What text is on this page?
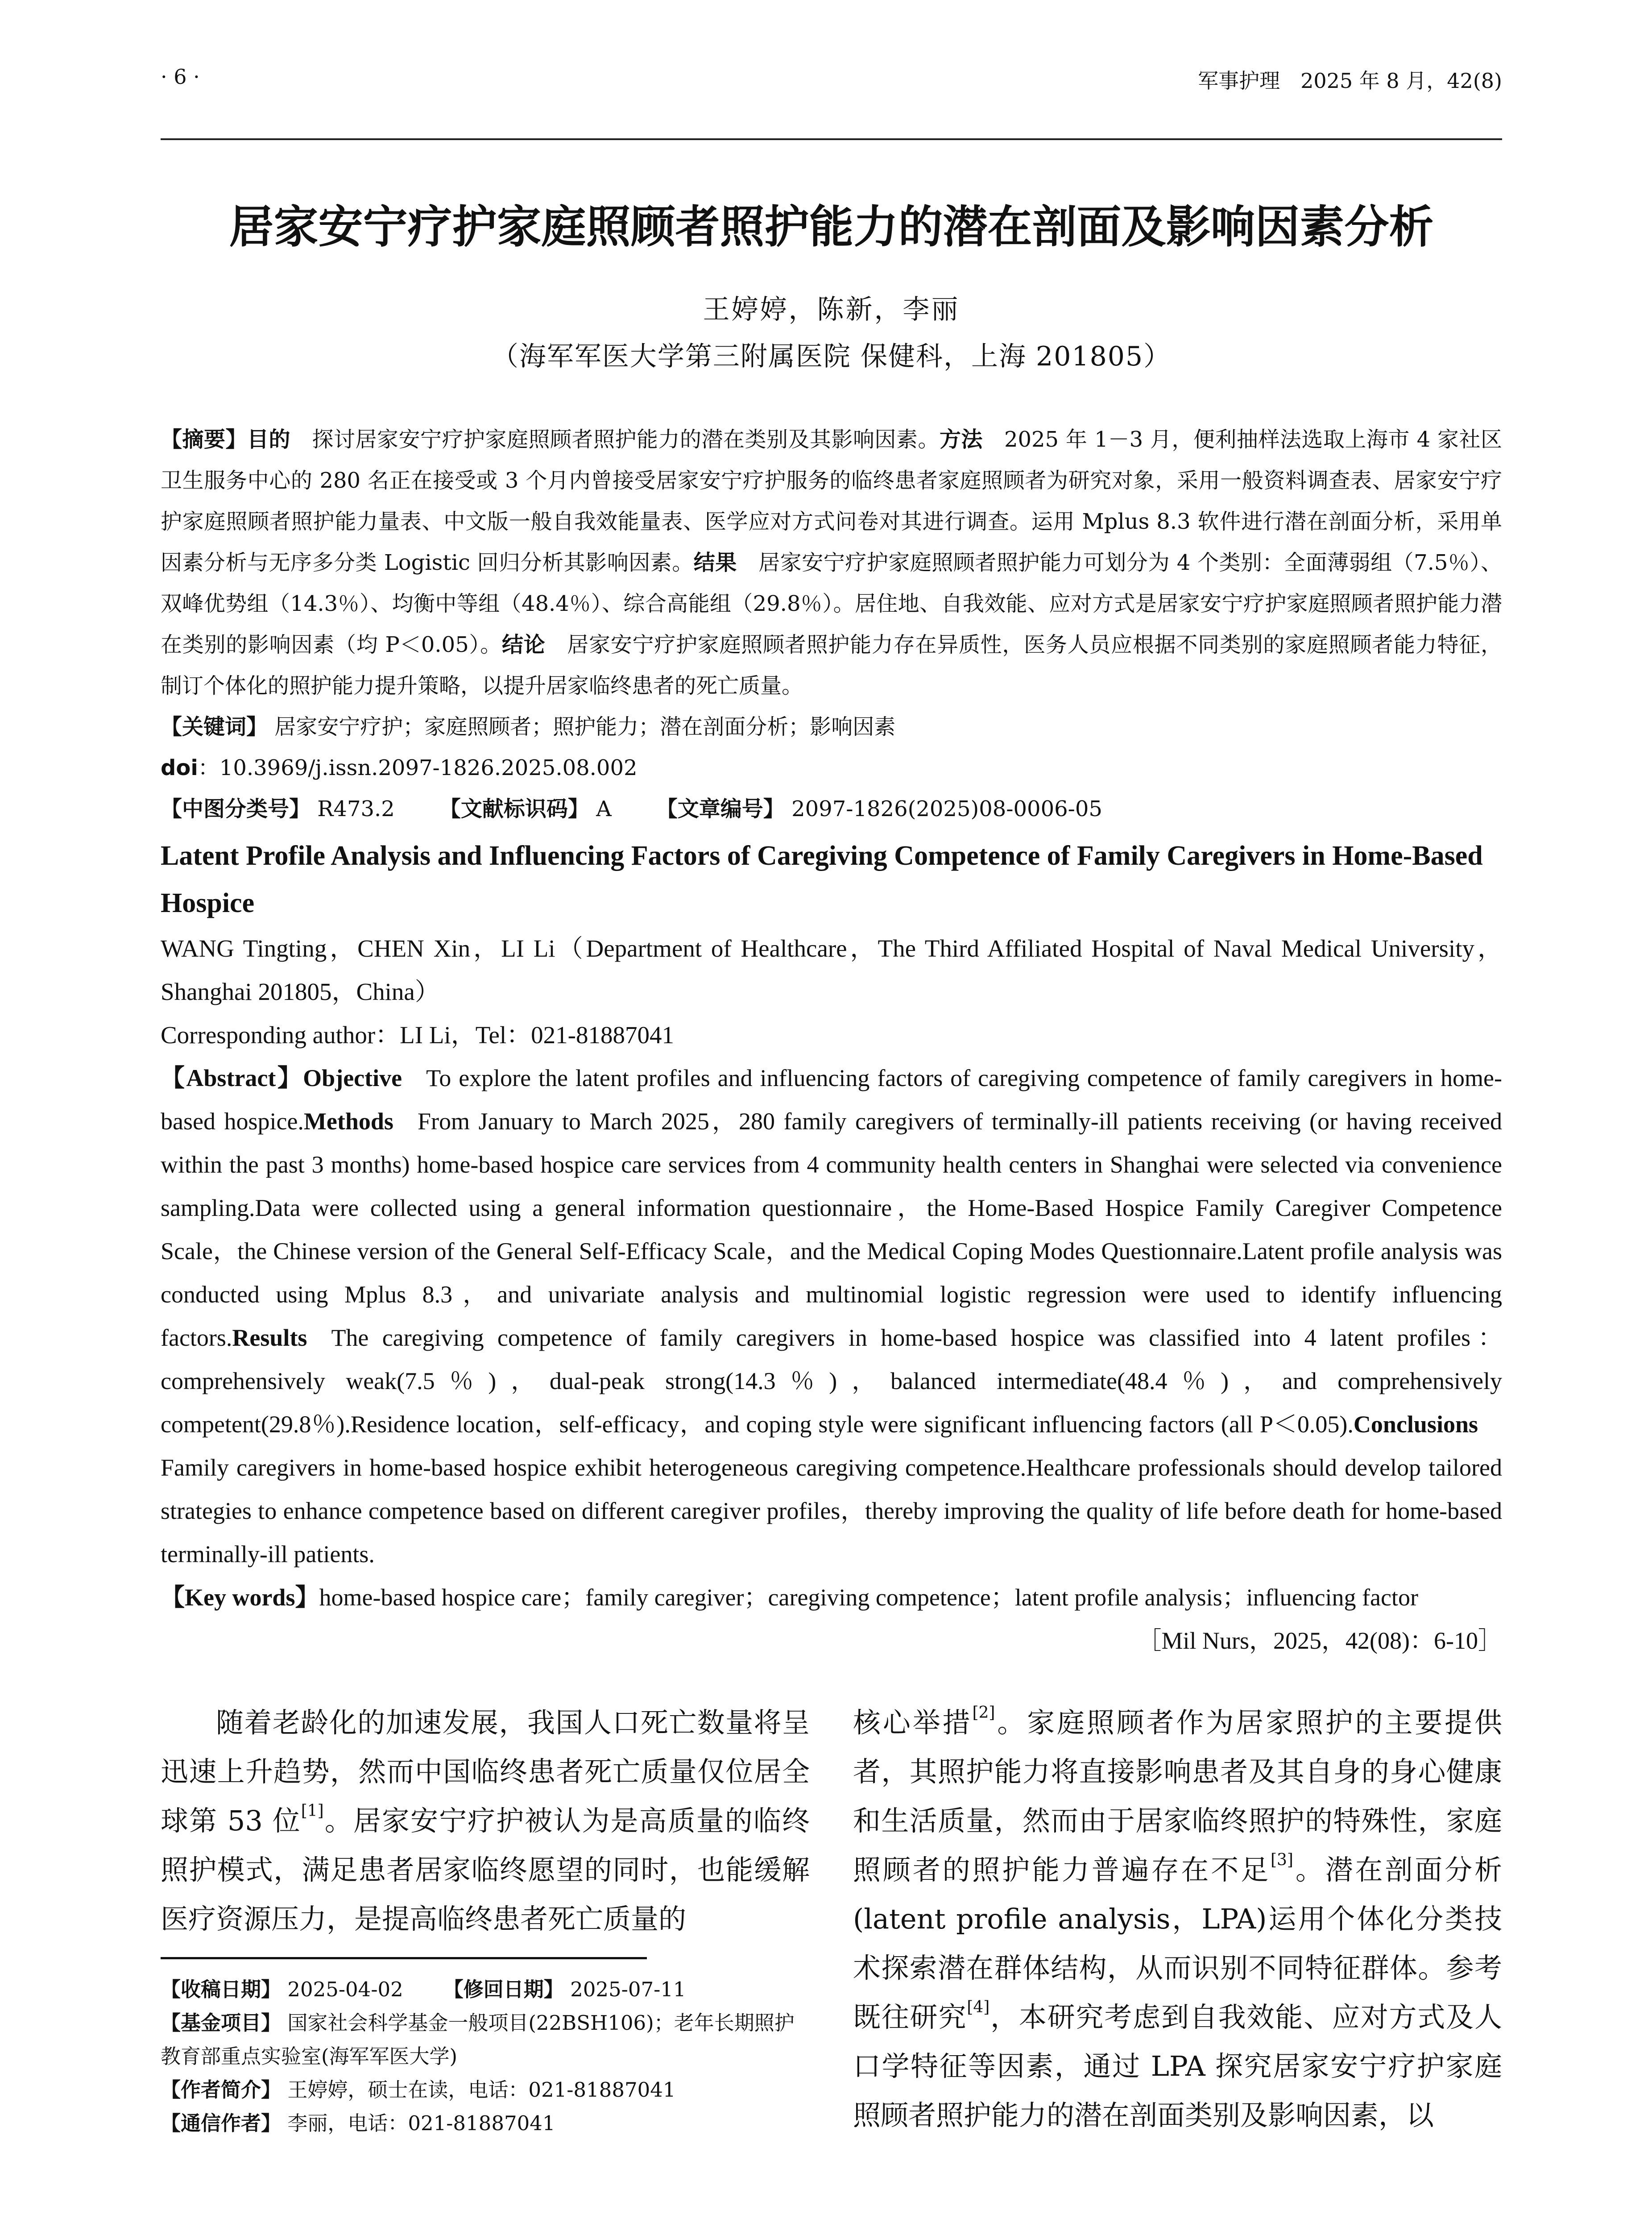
· 6 ·	军事护理　2025 年 8 月，42(8)
居家安宁疗护家庭照顾者照护能力的潜在剖面及影响因素分析
王婷婷，陈新，李丽
（海军军医大学第三附属医院 保健科，上海 201805）
【摘要】目的  探讨居家安宁疗护家庭照顾者照护能力的潜在类别及其影响因素。方法  2025 年 1－3 月，便利抽样法选取上海市 4 家社区卫生服务中心的 280 名正在接受或 3 个月内曾接受居家安宁疗护服务的临终患者家庭照顾者为研究对象，采用一般资料调查表、居家安宁疗护家庭照顾者照护能力量表、中文版一般自我效能量表、医学应对方式问卷对其进行调查。运用 Mplus 8.3 软件进行潜在剖面分析，采用单因素分析与无序多分类 Logistic 回归分析其影响因素。结果  居家安宁疗护家庭照顾者照护能力可划分为 4 个类别：全面薄弱组（7.5％）、双峰优势组（14.3％）、均衡中等组（48.4％）、综合高能组（29.8％）。居住地、自我效能、应对方式是居家安宁疗护家庭照顾者照护能力潜在类别的影响因素（均 P＜0.05）。结论  居家安宁疗护家庭照顾者照护能力存在异质性，医务人员应根据不同类别的家庭照顾者能力特征，制订个体化的照护能力提升策略，以提升居家临终患者的死亡质量。
【关键词】 居家安宁疗护；家庭照顾者；照护能力；潜在剖面分析；影响因素
doi：10.3969/j.issn.2097-1826.2025.08.002
【中图分类号】 R473.2 【文献标识码】 A 【文章编号】 2097-1826(2025)08-0006-05
Latent Profile Analysis and Influencing Factors of Caregiving Competence of Family Caregivers in Home-Based Hospice
WANG Tingting，CHEN Xin，LI Li（Department of Healthcare，The Third Affiliated Hospital of Naval Medical University，Shanghai 201805，China）
Corresponding author：LI Li，Tel：021-81887041
【Abstract】Objective  To explore the latent profiles and influencing factors of caregiving competence of family caregivers in home-based hospice.Methods  From January to March 2025，280 family caregivers of terminally-ill patients receiving (or having received within the past 3 months) home-based hospice care services from 4 community health centers in Shanghai were selected via convenience sampling.Data were collected using a general information questionnaire，the Home-Based Hospice Family Caregiver Competence Scale，the Chinese version of the General Self-Efficacy Scale，and the Medical Coping Modes Questionnaire.Latent profile analysis was conducted using Mplus 8.3，and univariate analysis and multinomial logistic regression were used to identify influencing factors.Results  The caregiving competence of family caregivers in home-based hospice was classified into 4 latent profiles：comprehensively weak(7.5％)，dual-peak strong(14.3％)，balanced intermediate(48.4％)，and comprehensively competent(29.8％).Residence location，self-efficacy，and coping style were significant influencing factors (all P＜0.05).Conclusions Family caregivers in home-based hospice exhibit heterogeneous caregiving competence.Healthcare professionals should develop tailored strategies to enhance competence based on different caregiver profiles，thereby improving the quality of life before death for home-based terminally-ill patients.
【Key words】home-based hospice care；family caregiver；caregiving competence；latent profile analysis；influencing factor
［Mil Nurs，2025，42(08)：6-10］
随着老龄化的加速发展，我国人口死亡数量将呈迅速上升趋势，然而中国临终患者死亡质量仅位居全球第 53 位[1]。居家安宁疗护被认为是高质量的临终照护模式，满足患者居家临终愿望的同时，也能缓解医疗资源压力，是提高临终患者死亡质量的
【收稿日期】 2025-04-02 【修回日期】 2025-07-11
【基金项目】 国家社会科学基金一般项目(22BSH106)；老年长期照护教育部重点实验室(海军军医大学)
【作者简介】 王婷婷，硕士在读，电话：021-81887041
【通信作者】 李丽，电话：021-81887041
核心举措[2]。家庭照顾者作为居家照护的主要提供者，其照护能力将直接影响患者及其自身的身心健康和生活质量，然而由于居家临终照护的特殊性，家庭照顾者的照护能力普遍存在不足[3]。潜在剖面分析(latent profile analysis，LPA)运用个体化分类技术探索潜在群体结构，从而识别不同特征群体。参考既往研究[4]，本研究考虑到自我效能、应对方式及人口学特征等因素，通过 LPA 探究居家安宁疗护家庭照顾者照护能力的潜在剖面类别及影响因素，以
